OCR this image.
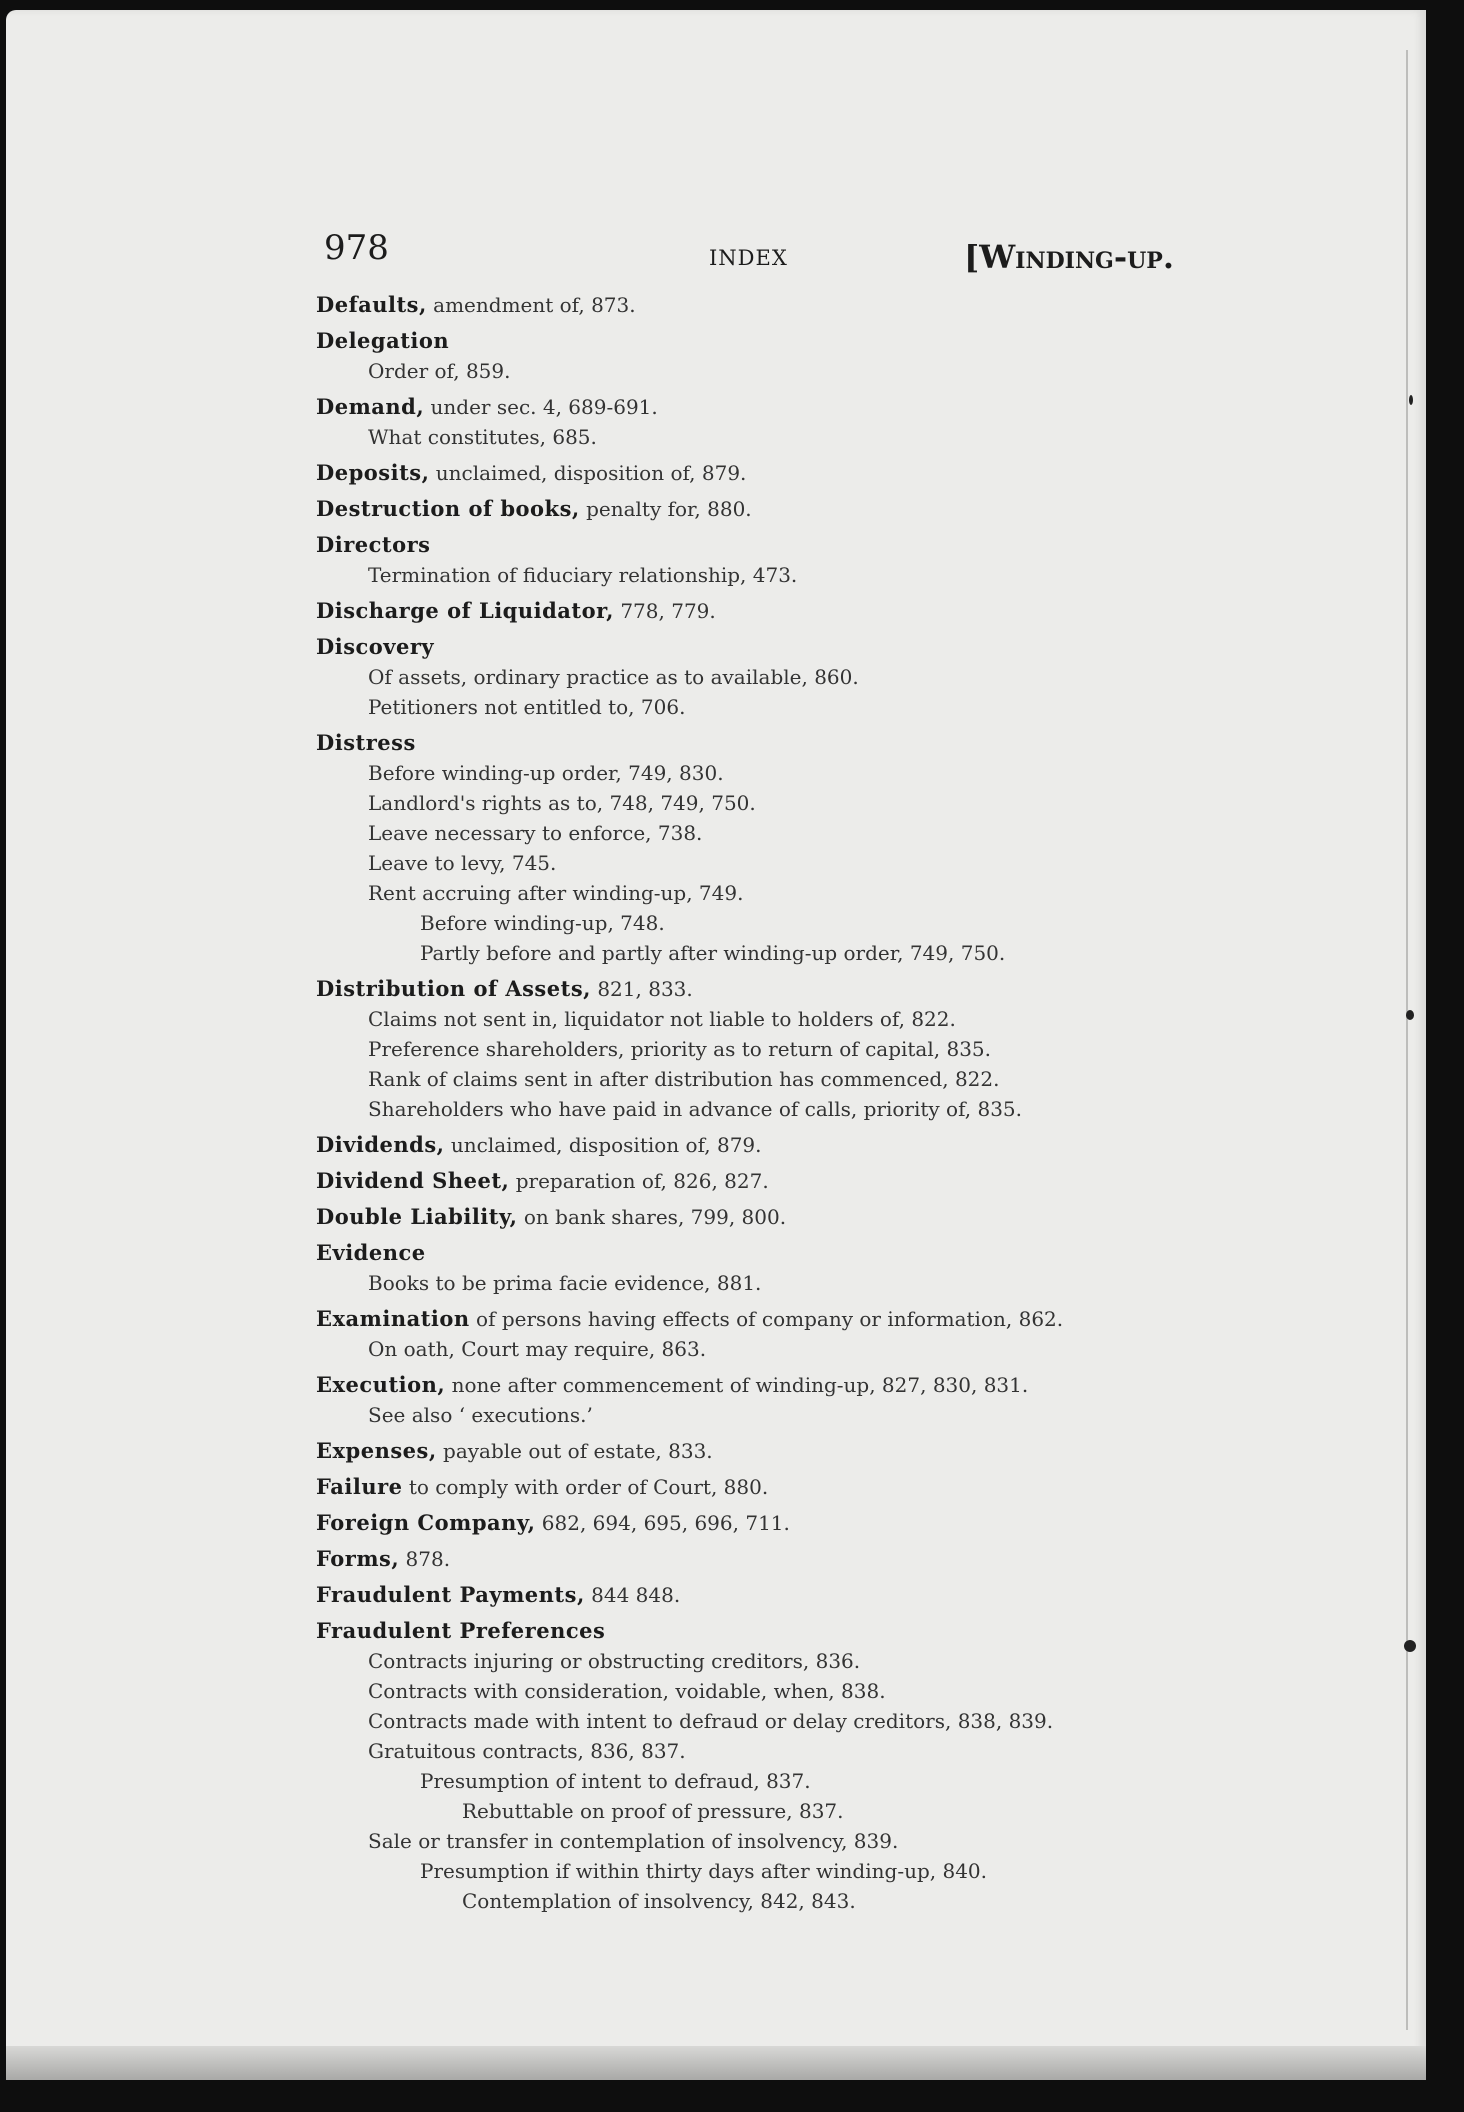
978	INDEX	[Winding-up.
Defaults, amendment of, 873.
Delegation
Order of, 859.
Demand, under sec. 4, 689-691.
What constitutes, 685.
Deposits, unclaimed, disposition of, 879.
Destruction of books, penalty for, 880.
Directors
Termination of fiduciary relationship, 473.
Discharge of Liquidator, 778, 779.
Discovery
Of assets, ordinary practice as to available, 860.
Petitioners not entitled to, 706.
Distress
Before winding-up order, 749, 830.
Landlord's rights as to, 748, 749, 750.
Leave necessary to enforce, 738.
Leave to levy, 745.
Rent accruing after winding-up, 749.
Before winding-up, 748.
Partly before and partly after winding-up order, 749, 750.
Distribution of Assets, 821, 833.
Claims not sent in, liquidator not liable to holders of, 822.
Preference shareholders, priority as to return of capital, 835.
Rank of claims sent in after distribution has commenced, 822.
Shareholders who have paid in advance of calls, priority of, 835.
Dividends, unclaimed, disposition of, 879.
Dividend Sheet, preparation of, 826, 827.
Double Liability, on bank shares, 799, 800.
Evidence
Books to be prima facie evidence, 881.
Examination of persons having effects of company or information, 862.
On oath, Court may require, 863.
Execution, none after commencement of winding-up, 827, 830, 831.
See also ‘ executions.’
Expenses, payable out of estate, 833.
Failure to comply with order of Court, 880.
Foreign Company, 682, 694, 695, 696, 711.
Forms, 878.
Fraudulent Payments, 844 848.
Fraudulent Preferences
Contracts injuring or obstructing creditors, 836.
Contracts with consideration, voidable, when, 838.
Contracts made with intent to defraud or delay creditors, 838, 839.
Gratuitous contracts, 836, 837.
Presumption of intent to defraud, 837.
Rebuttable on proof of pressure, 837.
Sale or transfer in contemplation of insolvency, 839.
Presumption if within thirty days after winding-up, 840.
Contemplation of insolvency, 842, 843.
